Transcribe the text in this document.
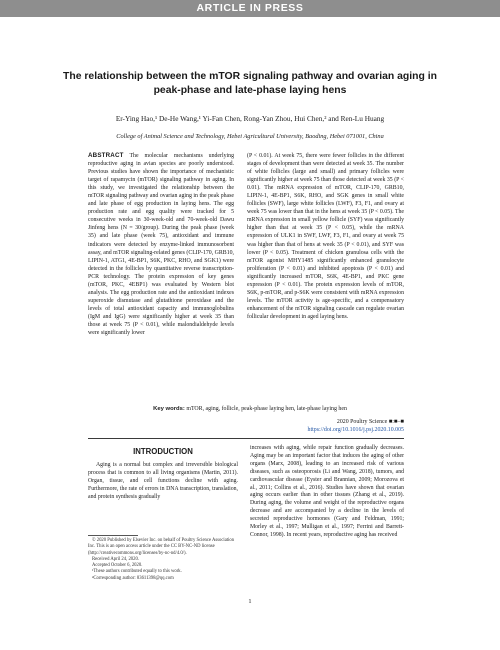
ARTICLE IN PRESS
The relationship between the mTOR signaling pathway and ovarian aging in peak-phase and late-phase laying hens
Er-Ying Hao,¹ De-He Wang,¹ Yi-Fan Chen, Rong-Yan Zhou, Hui Chen,² and Ren-Lu Huang
College of Animal Science and Technology, Hebei Agricultural University, Baoding, Hebei 071001, China
ABSTRACT The molecular mechanisms underlying reproductive aging in avian species are poorly understood. Previous studies have shown the importance of mechanistic target of rapamycin (mTOR) signaling pathway in aging. In this study, we investigated the relationship between the mTOR signaling pathway and ovarian aging in the peak phase and late phase of egg production in laying hens. The egg production rate and egg quality were tracked for 5 consecutive weeks in 30-week-old and 70-week-old Dawu Jinfeng hens (N = 30/group). During the peak phase (week 35) and late phase (week 75), antioxidant and immune indicators were detected by enzyme-linked immunosorbent assay, and mTOR signaling-related genes (CLIP-170, GRB10, LIPIN-1, ATG1, 4E-BP1, S6K, PKC, RHO, and SGK1) were detected in the follicles by quantitative reverse transcription-PCR technology. The protein expression of key genes (mTOR, PKC, 4EBP1) was evaluated by Western blot analysis. The egg production rate and the antioxidant indexes superoxide dismutase and glutathione peroxidase and the levels of total antioxidant capacity and immunoglobulins (IgM and IgG) were significantly higher at week 35 than those at week 75 (P < 0.01), while malondialdehyde levels were significantly lower
(P < 0.01). At week 75, there were fewer follicles in the different stages of development than were detected at week 35. The number of white follicles (large and small) and primary follicles were significantly higher at week 75 than those detected at week 35 (P < 0.01). The mRNA expression of mTOR, CLIP-170, GRB10, LIPIN-1, 4E-BP1, S6K, RHO, and SGK genes in small white follicles (SWF), large white follicles (LWF), F3, F1, and ovary at week 75 was lower than that in the hens at week 35 (P < 0.05). The mRNA expression in small yellow follicle (SYF) was significantly higher than that at week 35 (P < 0.05), while the mRNA expression of ULK1 in SWF, LWF, F3, F1, and ovary at week 75 was higher than that of hens at week 35 (P < 0.01), and SYF was lower (P < 0.05). Treatment of chicken granulosa cells with the mTOR agonist MHY1485 significantly enhanced granulocyte proliferation (P < 0.01) and inhibited apoptosis (P < 0.01) and significantly increased mTOR, S6K, 4E-BP1, and PKC gene expression (P < 0.01). The protein expression levels of mTOR, S6K, p-mTOR, and p-S6K were consistent with mRNA expression levels. The mTOR activity is age-specific, and a compensatory enhancement of the mTOR signaling cascade can regulate ovarian follicular development in aged laying hens.
Key words: mTOR, aging, follicle, peak-phase laying hen, late-phase laying hen
2020 Poultry Science ■:■–■
https://doi.org/10.1016/j.psj.2020.10.005
INTRODUCTION

Aging is a normal but complex and irreversible biological process that is common to all living organisms (Martin, 2011). Organ, tissue, and cell functions decline with aging. Furthermore, the rate of errors in DNA transcription, translation, and protein synthesis gradually

increases with aging, while repair function gradually decreases. Aging may be an important factor that induces the aging of other organs (Marx, 2008), leading to an increased risk of various diseases, such as osteoporosis (Li and Wang, 2018), tumors, and cardiovascular disease (Eyster and Brannian, 2009; Morozova et al., 2011; Collins et al., 2016). Studies have shown that ovarian aging occurs earlier than in other tissues (Zhang et al., 2019). During aging, the volume and weight of the reproductive organs decrease and are accompanied by a decline in the levels of secreted reproductive hormones (Gary and Feldman, 1991; Morley et al., 1997; Mulligan et al., 1997; Ferrini and Barrett-Connor, 1998). In recent years, reproductive aging has received
© 2020 Published by Elsevier Inc. on behalf of Poultry Science Association Inc. This is an open access article under the CC BY-NC-ND license (http://creativecommons.org/licenses/by-nc-nd/4.0/).
Received April 24, 2020.
Accepted October 6, 2020.
¹These authors contributed equally to this work.
²Corresponding author: 83611398@qq.com
1
